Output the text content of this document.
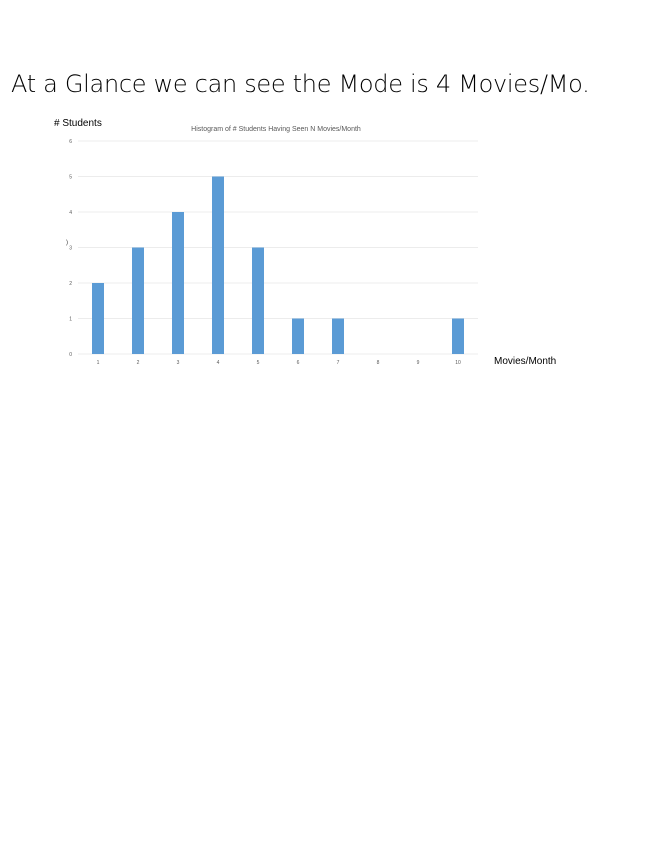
At a Glance we can see the Mode is 4 Movies/Mo.
# Students
Movies/Month
)
Histogram of # Students Having Seen N Movies/Month
0
1
2
3
4
5
6
1	2	3	4	5	6	7	8	9	10
